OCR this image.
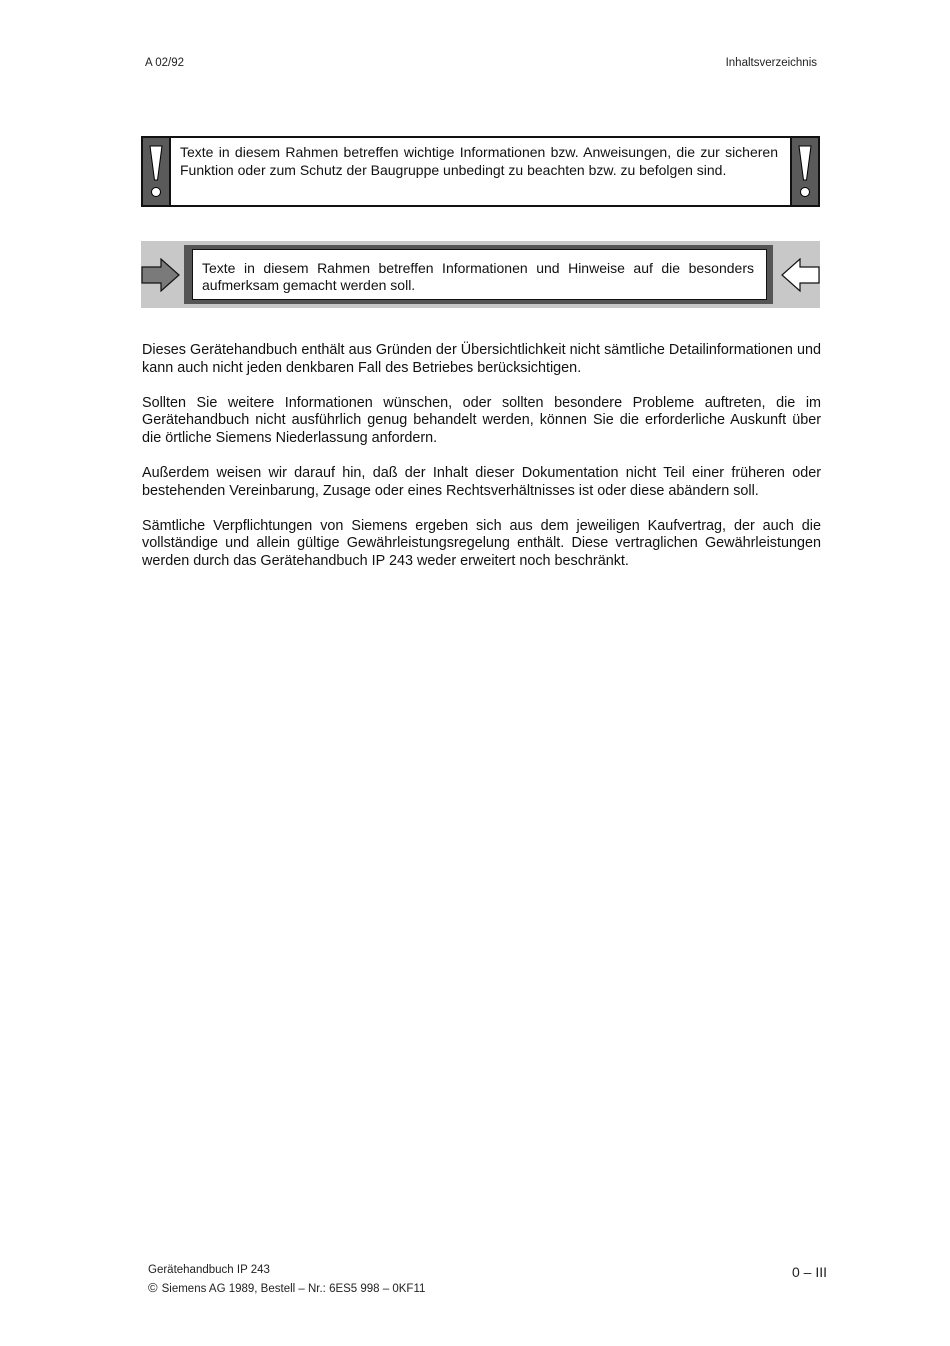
A 02/92	Inhaltsverzeichnis
Texte in diesem Rahmen betreffen wichtige Informationen bzw. Anweisungen, die zur sicheren Funktion oder zum Schutz der Baugruppe unbedingt zu beachten bzw. zu befolgen sind.
Texte in diesem Rahmen betreffen Informationen und Hinweise auf die besonders aufmerksam gemacht werden soll.

Dieses Gerätehandbuch enthält aus Gründen der Übersichtlichkeit nicht sämtliche Detailinformationen und kann auch nicht jeden denkbaren Fall des Betriebes berücksichtigen.

Sollten Sie weitere Informationen wünschen, oder sollten besondere Probleme auftreten, die im Gerätehandbuch nicht ausführlich genug behandelt werden, können Sie die erforderliche Auskunft über die örtliche Siemens Niederlassung anfordern.

Außerdem weisen wir darauf hin, daß der Inhalt dieser Dokumentation nicht Teil einer früheren oder bestehenden Vereinbarung, Zusage oder eines Rechtsverhältnisses ist oder diese abändern soll.

Sämtliche Verpflichtungen von Siemens ergeben sich aus dem jeweiligen Kaufvertrag, der auch die vollständige und allein gültige Gewährleistungsregelung enthält. Diese vertraglichen Gewährleistungen werden durch das Gerätehandbuch IP 243 weder erweitert noch beschränkt.

Gerätehandbuch IP 243
© Siemens AG 1989, Bestell – Nr.: 6ES5 998 – 0KF11
0 – III
